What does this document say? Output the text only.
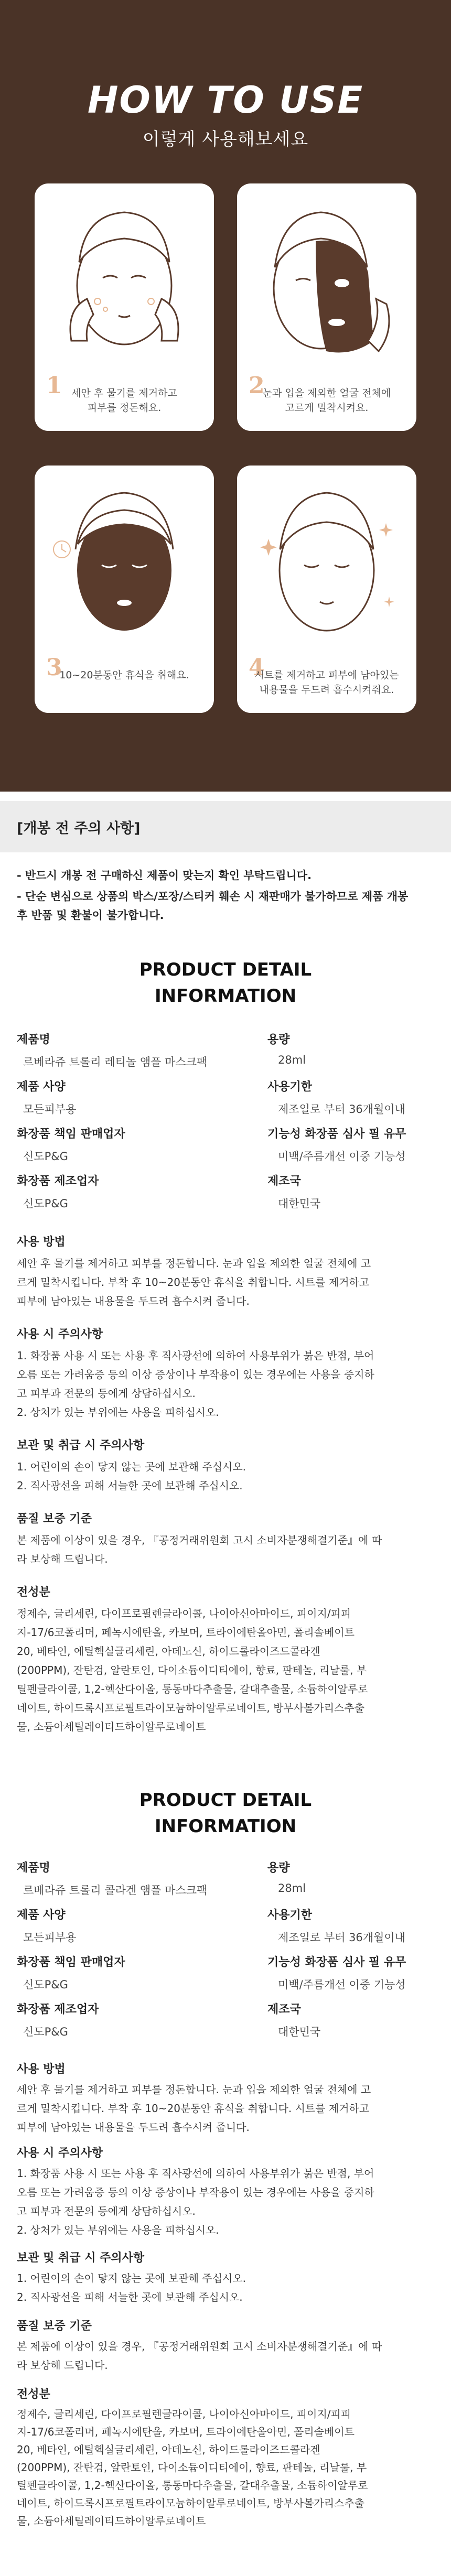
HOW TO USE
이렇게 사용해보세요
1 세안 후 물기를 제거하고
피부를 정돈해요.
2
눈과 입을 제외한 얼굴 전체에
고르게 밀착시켜요.
3
10~20분동안 휴식을 취해요.	4
시트를 제거하고 피부에 남아있는
내용물을 두드려 흡수시켜줘요.
[개봉 전 주의 사항]
- 반드시 개봉 전 구매하신 제품이 맞는지 확인 부탁드립니다.
- 단순 변심으로 상품의 박스/포장/스티커 훼손 시 재판매가 불가하므로 제품 개봉
후 반품 및 환불이 불가합니다.
PRODUCT DETAIL
INFORMATION
제품명
르베라쥬 트롤리 레티놀 앰플 마스크팩
용량
28ml
제품 사양
모든피부용
사용기한
제조일로 부터 36개월이내
화장품 책임 판매업자
신도P&G
기능성 화장품 심사 필 유무
미백/주름개선 이중 기능성
화장품 제조업자
신도P&G
제조국
대한민국
사용 방법
세안 후 물기를 제거하고 피부를 정돈합니다. 눈과 입을 제외한 얼굴 전체에 고
르게 밀착시킵니다. 부착 후 10~20분동안 휴식을 취합니다. 시트를 제거하고
피부에 남아있는 내용물을 두드려 흡수시켜 줍니다.
사용 시 주의사항
1. 화장품 사용 시 또는 사용 후 직사광선에 의하여 사용부위가 붉은 반점, 부어
오름 또는 가려움증 등의 이상 증상이나 부작용이 있는 경우에는 사용을 중지하
고 피부과 전문의 등에게 상담하십시오.
2. 상처가 있는 부위에는 사용을 피하십시오.
보관 및 취급 시 주의사항
1. 어린이의 손이 닿지 않는 곳에 보관해 주십시오.
2. 직사광선을 피해 서늘한 곳에 보관해 주십시오.
품질 보증 기준
본 제품에 이상이 있을 경우, 『공정거래위원회 고시 소비자분쟁해결기준』에 따
라 보상해 드립니다.
전성분
정제수, 글리세린, 다이프로필렌글라이콜, 나이아신아마이드, 피이지/피피
지-17/6코폴리머, 페녹시에탄올, 카보머, 트라이에탄올아민, 폴리솔베이트
20, 베타인, 에틸헥실글리세린, 아데노신, 하이드롤라이즈드콜라겐
(200PPM), 잔탄검, 알란토인, 다이소듐이디티에이, 향료, 판테놀, 리날룰, 부
틸펜글라이콜, 1,2-헥산다이올, 통동마다추출물, 갈대추출물, 소듐하이알루로
네이트, 하이드록시프로필트라이모늄하이알루로네이트, 방부사볼가리스추출
물, 소듐아세틸레이티드하이알루로네이트
PRODUCT DETAIL
INFORMATION
제품명
르베라쥬 트롤리 콜라겐 앰플 마스크팩
용량
28ml
제품 사양
모든피부용
사용기한
제조일로 부터 36개월이내
화장품 책임 판매업자
신도P&G
기능성 화장품 심사 필 유무
미백/주름개선 이중 기능성
화장품 제조업자
신도P&G
제조국
대한민국
사용 방법
세안 후 물기를 제거하고 피부를 정돈합니다. 눈과 입을 제외한 얼굴 전체에 고
르게 밀착시킵니다. 부착 후 10~20분동안 휴식을 취합니다. 시트를 제거하고
피부에 남아있는 내용물을 두드려 흡수시켜 줍니다.
사용 시 주의사항
1. 화장품 사용 시 또는 사용 후 직사광선에 의하여 사용부위가 붉은 반점, 부어
오름 또는 가려움증 등의 이상 증상이나 부작용이 있는 경우에는 사용을 중지하
고 피부과 전문의 등에게 상담하십시오.
2. 상처가 있는 부위에는 사용을 피하십시오.
보관 및 취급 시 주의사항
1. 어린이의 손이 닿지 않는 곳에 보관해 주십시오.
2. 직사광선을 피해 서늘한 곳에 보관해 주십시오.
품질 보증 기준
본 제품에 이상이 있을 경우, 『공정거래위원회 고시 소비자분쟁해결기준』에 따
라 보상해 드립니다.
전성분
정제수, 글리세린, 다이프로필렌글라이콜, 나이아신아마이드, 피이지/피피
지-17/6코폴리머, 페녹시에탄올, 카보머, 트라이에탄올아민, 폴리솔베이트
20, 베타인, 에틸헥실글리세린, 아데노신, 하이드롤라이즈드콜라겐
(200PPM), 잔탄검, 알란토인, 다이소듐이디티에이, 향료, 판테놀, 리날룰, 부
틸펜글라이콜, 1,2-헥산다이올, 통동마다추출물, 갈대추출물, 소듐하이알루로
네이트, 하이드록시프로필트라이모늄하이알루로네이트, 방부사볼가리스추출
물, 소듐아세틸레이티드하이알루로네이트
